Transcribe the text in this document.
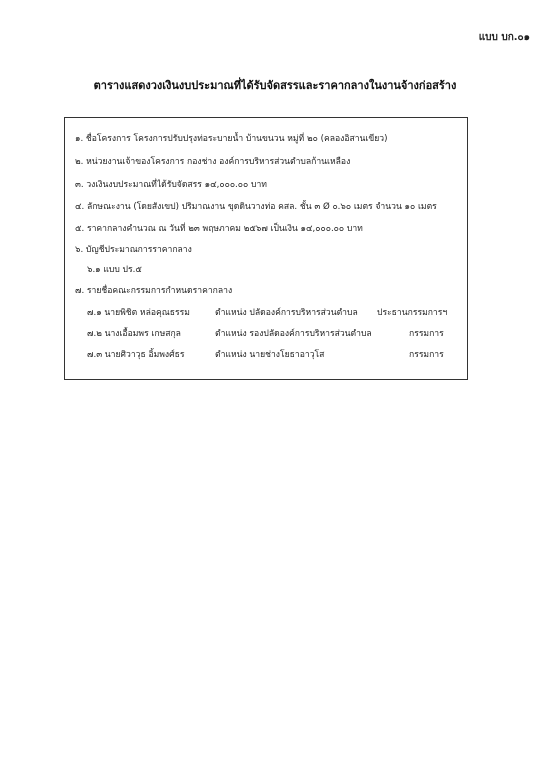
แบบ บก.๐๑
ตารางแสดงวงเงินงบประมาณที่ได้รับจัดสรรและราคากลางในงานจ้างก่อสร้าง
๑. ชื่อโครงการ โครงการปรับปรุงท่อระบายน้ำ บ้านขนวน หมู่ที่ ๒๐ (คลองอิสานเขียว)
๒. หน่วยงานเจ้าของโครงการ กองช่าง องค์การบริหารส่วนตำบลก้านเหลือง
๓. วงเงินงบประมาณที่ได้รับจัดสรร ๑๔,๐๐๐.๐๐ บาท
๔. ลักษณะงาน (โดยสังเขป) ปริมาณงาน ขุดดินวางท่อ คสล. ชั้น ๓ Ø ๐.๖๐ เมตร จำนวน ๑๐ เมตร
๕. ราคากลางคำนวณ ณ วันที่ ๒๓ พฤษภาคม ๒๕๖๗ เป็นเงิน ๑๔,๐๐๐.๐๐ บาท
๖. บัญชีประมาณการราคากลาง
๖.๑ แบบ ปร.๕
๗. รายชื่อคณะกรรมการกำหนดราคากลาง
๗.๑ นายพิชิต หล่อคุณธรรม	ตำแหน่ง ปลัดองค์การบริหารส่วนตำบล ประธานกรรมการฯ
๗.๒ นางเอื้อมพร เกษสกุล	ตำแหน่ง รองปลัดองค์การบริหารส่วนตำบล	กรรมการ
๗.๓ นายศิวาวุธ อิ้มพงศ์ธร	ตำแหน่ง นายช่างโยธาอาวุโส	กรรมการ
